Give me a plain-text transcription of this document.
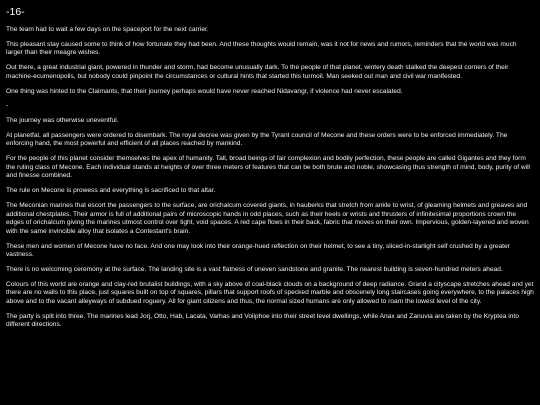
-16-

The team had to wait a few days on the spaceport for the next carrier.

This pleasant stay caused some to think of how fortunate they had been. And these thoughts would remain, was it not for news and rumors, reminders that the world was much larger than their meagre wishes.

Out there, a great industrial giant, powered in thunder and storm, had become unusually dark. To the people of that planet, wintery death stalked the deepest corners of their machine-ecumenopolis, but nobody could pinpoint the circumstances or cultural hints that started this turmoil. Man seeked out man and civil war manifested.

One thing was hinted to the Claimants, that their journey perhaps would have never reached Nidavangr, if violence had never escalated.

-

The journey was otherwise uneventful.

At planetfal, all passengers were ordered to disembark. The royal decree was given by the Tyrant council of Mecone and these orders were to be enforced immediately. The enforcing hand, the most powerful and efficient of all places reached by mankind.

For the people of this planet consider themselves the apex of humanity. Tall, broad beings of fair complexion and bodily perfection, these people are called Gigantes and they form the ruling class of Mecone. Each individual stands at heights of over three meters of features that can be both brute and noble, showcasing thus strength of mind, body, purity of will and finesse combined.

The rule on Mecone is prowess and everything is sacrificed to that altar.

The Meconian marines that escort the passengers to the surface, are orichalcum covered giants, in hauberks that stretch from ankle to wrist, of gleaming helmets and greaves and additional chestplates. Their armor is full of additional pairs of microscopic hands in odd places, such as their heels or wrists and thrusters of infinitesimal proportions crown the edges of orichalcum giving the marines utmost control over tight, void spaces. A red cape flows in their back, fabric that moves on their own. Impervious, golden-layered and woven with the same invincible alloy that isolates a Contestant's brain.

These men and women of Mecone have no face. And one may look into their orange-hued reflection on their helmet, to see a tiny, sliced-in-starlight self crushed by a greater vastness.

There is no welcoming ceremony at the surface. The landing site is a vast flatness of uneven sandstone and granite. The nearest building is seven-hundred meters ahead.

Colours of this world are orange and clay-red brutalist buildings, with a sky above of coal-black clouds on a background of deep radiance. Grand a cityscape stretches ahead and yet there are no walls to this place, just squares built on top of squares, pillars that support roofs of specked marble and obscenely long staircases going everywhere, to the palaces high above and to the vacant alleyways of subdued roguery. All for giant citizens and thus, the normal sized humans are only allowed to roam the lowest level of the city.

The party is split into three. The marines lead Jorj, Otto, Hab, Lacata, Varhas and Voliphoe into their street level dwellings, while Anax and Zanuvia are taken by the Kryptea into different directions.
